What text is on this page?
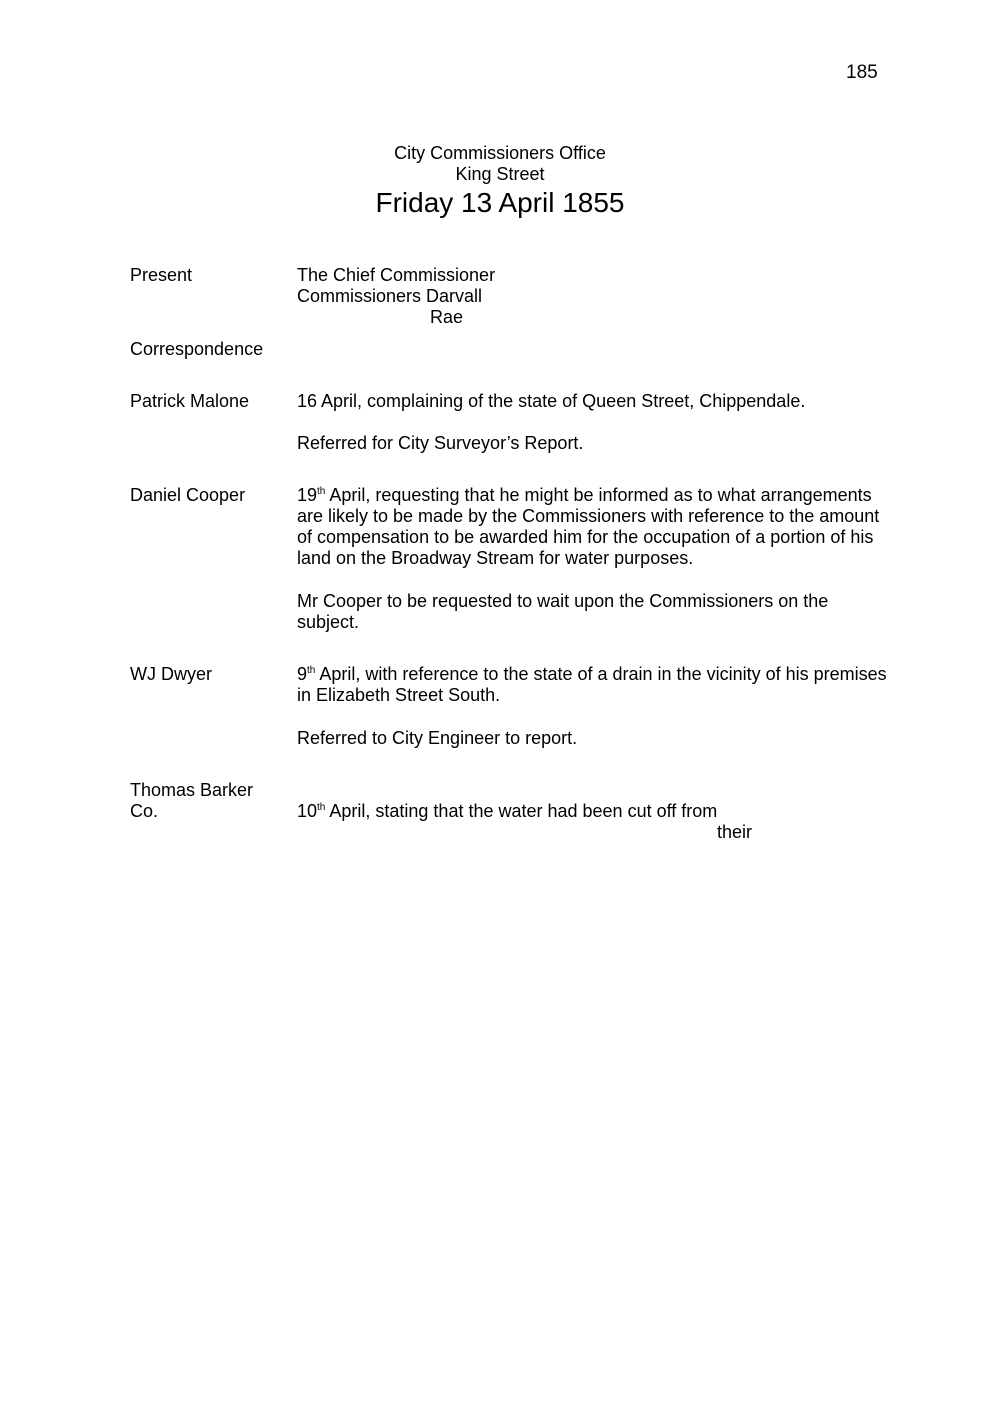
185
City Commissioners Office
King Street
Friday 13 April 1855
Present	The Chief Commissioner
Commissioners Darvall
Rae
Correspondence
Patrick Malone	16 April, complaining of the state of Queen Street, Chippendale.
Referred for City Surveyor’s Report.
Daniel Cooper	19th April, requesting that he might be informed as to what arrangements
are likely to be made by the Commissioners with reference to the amount
of compensation to be awarded him for the occupation of a portion of his
land on the Broadway Stream for water purposes.
Mr Cooper to be requested to wait upon the Commissioners on the
subject.
WJ Dwyer	9th April, with reference to the state of a drain in the vicinity of his premises
in Elizabeth Street South.
Referred to City Engineer to report.
Thomas Barker
Co.	10th April, stating that the water had been cut off from
their
